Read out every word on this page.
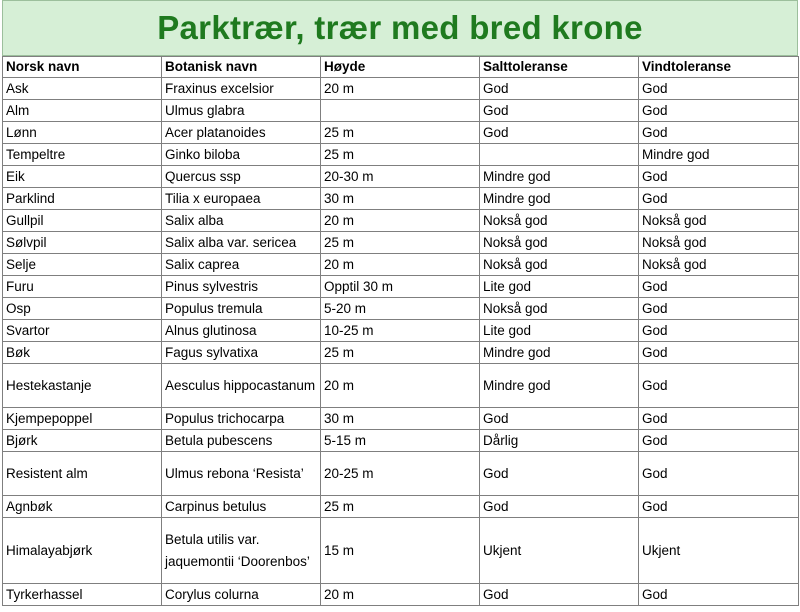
Parktrær, trær med bred krone
Norsk navn	Botanisk navn	Høyde	Salttoleranse	Vindtoleranse
Ask	Fraxinus excelsior	20 m	God	God
Alm	Ulmus glabra		God	God
Lønn	Acer platanoides	25 m	God	God
Tempeltre	Ginko biloba	25 m		Mindre god
Eik	Quercus ssp	20-30 m	Mindre god	God
Parklind	Tilia x europaea	30 m	Mindre god	God
Gullpil	Salix alba	20 m	Nokså god	Nokså god
Sølvpil	Salix alba var. sericea	25 m	Nokså god	Nokså god
Selje	Salix caprea	20 m	Nokså god	Nokså god
Furu	Pinus sylvestris	Opptil 30 m	Lite god	God
Osp	Populus tremula	5-20 m	Nokså god	God
Svartor	Alnus glutinosa	10-25 m	Lite god	God
Bøk	Fagus sylvatixa	25 m	Mindre god	God
Hestekastanje	Aesculus hippocastanum	20 m	Mindre god	God
Kjempepoppel	Populus trichocarpa	30 m	God	God
Bjørk	Betula pubescens	5-15 m	Dårlig	God
Resistent alm	Ulmus rebona ‘Resista’	20-25 m	God	God
Agnbøk	Carpinus betulus	25 m	God	God
Himalayabjørk	Betula utilis var. jaquemontii ‘Doorenbos’	15 m	Ukjent	Ukjent
Tyrkerhassel	Corylus colurna	20 m	God	God
